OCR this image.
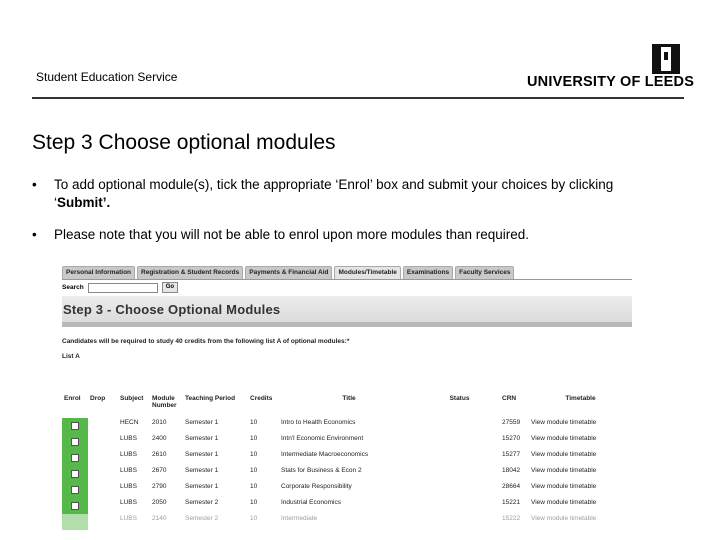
Student Education Service	UNIVERSITY OF LEEDS
Step 3 Choose optional modules
• To add optional module(s), tick the appropriate ‘Enrol’ box and submit your choices by clicking ‘Submit’.
• Please note that you will not be able to enrol upon more modules than required.
Personal Information	Registration & Student Records	Payments & Financial Aid	Modules/Timetable	Examinations	Faculty Services
Search	Go
Step 3 - Choose Optional Modules
Candidates will be required to study 40 credits from the following list A of optional modules:*
List A
Enrol	Drop	Subject	Module Number	Teaching Period	Credits	Title	Status	CRN	Timetable
		HECN	2010	Semester 1	10	Intro to Health Economics		27559	View module timetable
		LUBS	2400	Semester 1	10	Intn'l Economic Environment		15270	View module timetable
		LUBS	2610	Semester 1	10	Intermediate Macroeconomics		15277	View module timetable
		LUBS	2670	Semester 1	10	Stats for Business & Econ 2		18042	View module timetable
		LUBS	2790	Semester 1	10	Corporate Responsibility		28664	View module timetable
		LUBS	2050	Semester 2	10	Industrial Economics		15221	View module timetable
		LUBS	2140	Semester 2	10	Intermediate		15222	View module timetable
